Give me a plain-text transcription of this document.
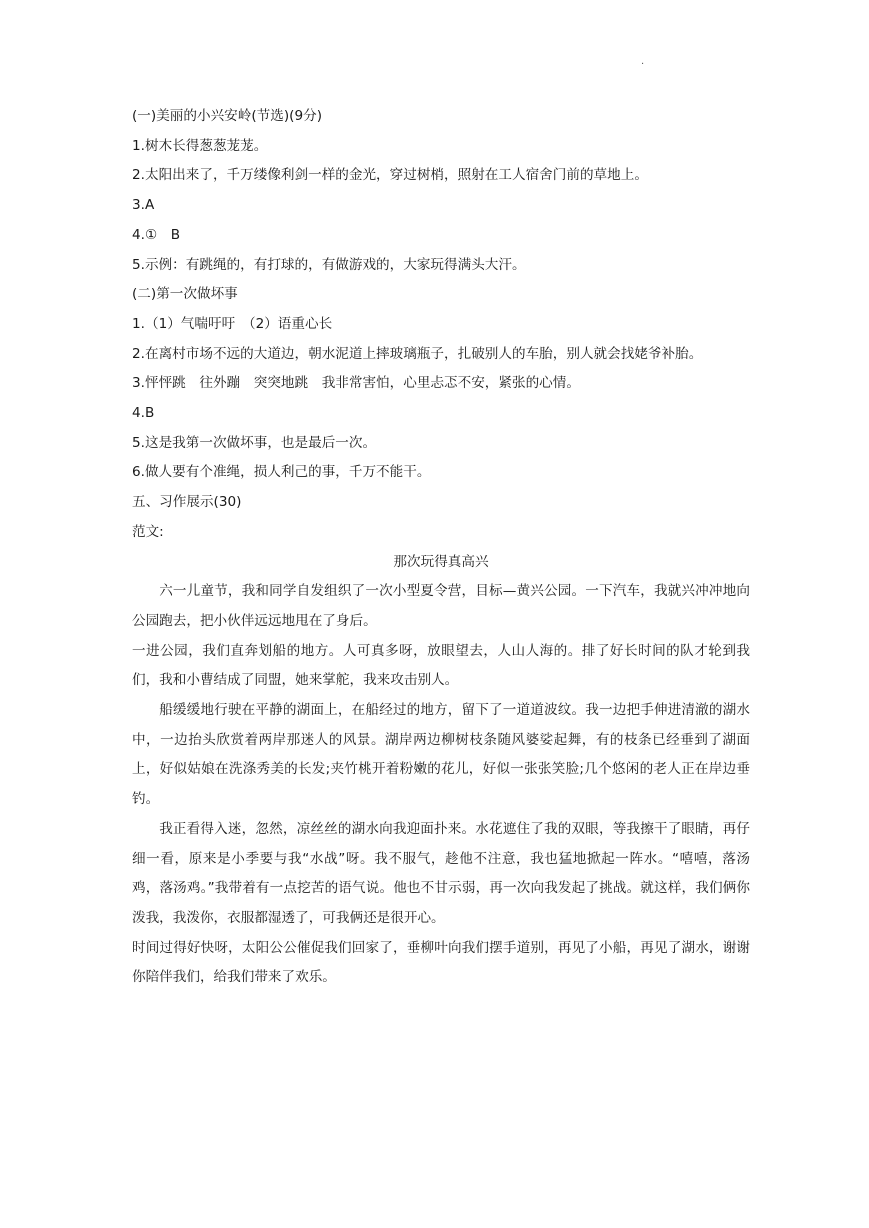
.
(一)美丽的小兴安岭(节选)(9分)
1.树木长得葱葱茏茏。
2.太阳出来了，千万缕像利剑一样的金光，穿过树梢，照射在工人宿舍门前的草地上。
3.A
4.①　B
5.示例：有跳绳的，有打球的，有做游戏的，大家玩得满头大汗。
(二)第一次做坏事
1.（1）气喘吁吁　（2）语重心长
2.在离村市场不远的大道边，朝水泥道上摔玻璃瓶子，扎破别人的车胎，别人就会找姥爷补胎。
3.怦怦跳　往外蹦　突突地跳　我非常害怕，心里忐忑不安，紧张的心情。
4.B
5.这是我第一次做坏事，也是最后一次。
6.做人要有个准绳，损人利己的事，千万不能干。
五、习作展示(30)
范文:
那次玩得真高兴
六一儿童节，我和同学自发组织了一次小型夏令营，目标—黄兴公园。一下汽车，我就兴冲冲地向公园跑去，把小伙伴远远地甩在了身后。
一进公园，我们直奔划船的地方。人可真多呀，放眼望去，人山人海的。排了好长时间的队才轮到我们，我和小曹结成了同盟，她来掌舵，我来攻击别人。
船缓缓地行驶在平静的湖面上，在船经过的地方，留下了一道道波纹。我一边把手伸进清澈的湖水中，一边抬头欣赏着两岸那迷人的风景。湖岸两边柳树枝条随风婆娑起舞，有的枝条已经垂到了湖面上，好似姑娘在洗涤秀美的长发;夹竹桃开着粉嫩的花儿，好似一张张笑脸;几个悠闲的老人正在岸边垂钓。
我正看得入迷，忽然，凉丝丝的湖水向我迎面扑来。水花遮住了我的双眼，等我擦干了眼睛，再仔细一看，原来是小季要与我“水战”呀。我不服气，趁他不注意，我也猛地掀起一阵水。“嘻嘻，落汤鸡，落汤鸡。”我带着有一点挖苦的语气说。他也不甘示弱，再一次向我发起了挑战。就这样，我们俩你泼我，我泼你，衣服都湿透了，可我俩还是很开心。
时间过得好快呀，太阳公公催促我们回家了，垂柳叶向我们摆手道别，再见了小船，再见了湖水，谢谢你陪伴我们，给我们带来了欢乐。
